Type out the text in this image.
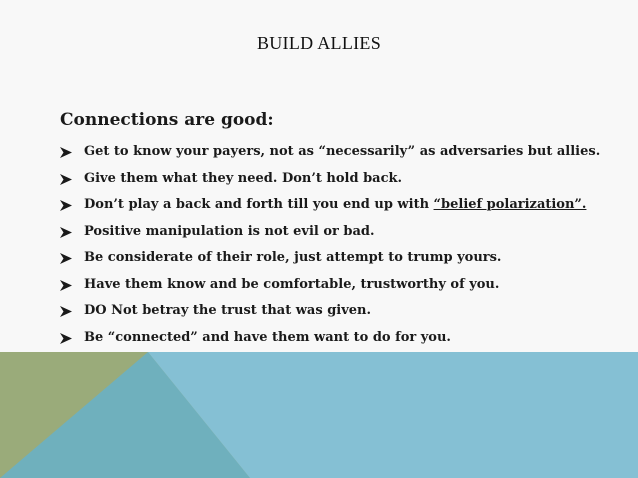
BUILD ALLIES
Connections are good:
Get to know your payers, not as “necessarily” as adversaries but allies.
Give them what they need. Don’t hold back.
Don’t play a back and forth till you end up with “belief polarization”.
Positive manipulation is not evil or bad.
Be considerate of their role, just attempt to trump yours.
Have them know and be comfortable, trustworthy of you.
DO Not betray the trust that was given.
Be “connected” and have them want to do for you.
